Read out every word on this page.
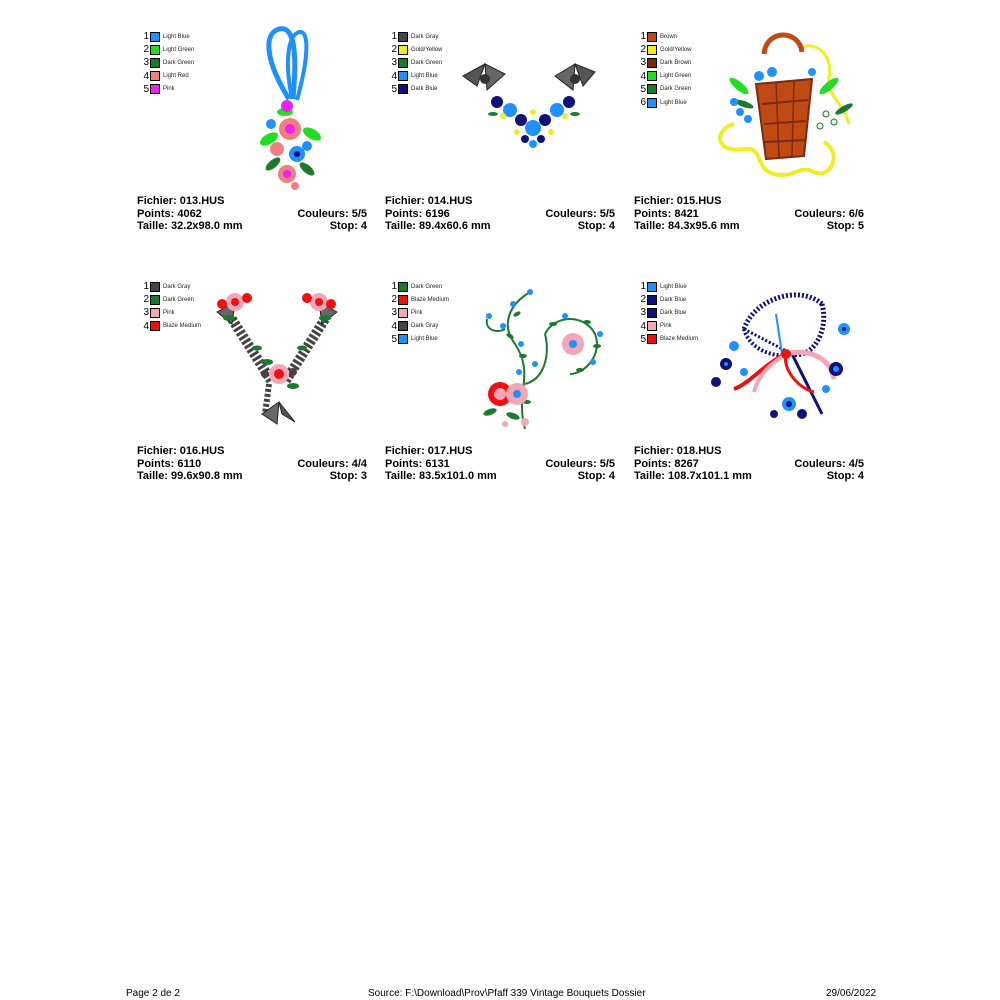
1 Light Blue
2 Light Green
3 Dark Green
4 Light Red
5 Pink
Fichier: 013.HUS
Points: 4062	Couleurs: 5/5
Taille: 32.2x98.0 mm	Stop: 4
1 Dark Gray
2 Gold/Yellow
3 Dark Green
4 Light Blue
5 Dark Blue
Fichier: 014.HUS
Points: 6196	Couleurs: 5/5
Taille: 89.4x60.6 mm	Stop: 4
1 Brown
2 Gold/Yellow
3 Dark Brown
4 Light Green
5 Dark Green
6 Light Blue
Fichier: 015.HUS
Points: 8421	Couleurs: 6/6
Taille: 84.3x95.6 mm	Stop: 5
1 Dark Gray
2 Dark Green
3 Pink
4 Blaze Medium
Fichier: 016.HUS
Points: 6110	Couleurs: 4/4
Taille: 99.6x90.8 mm	Stop: 3
1 Dark Green
2 Blaze Medium
3 Pink
4 Dark Gray
5 Light Blue
Fichier: 017.HUS
Points: 6131	Couleurs: 5/5
Taille: 83.5x101.0 mm	Stop: 4
1 Light Blue
2 Dark Blue
3 Dark Blue
4 Pink
5 Blaze Medium
Fichier: 018.HUS
Points: 8267	Couleurs: 4/5
Taille: 108.7x101.1 mm	Stop: 4
Page 2 de 2	Source: F:\Download\Prov\Pfaff 339 Vintage Bouquets Dossier	29/06/2022
